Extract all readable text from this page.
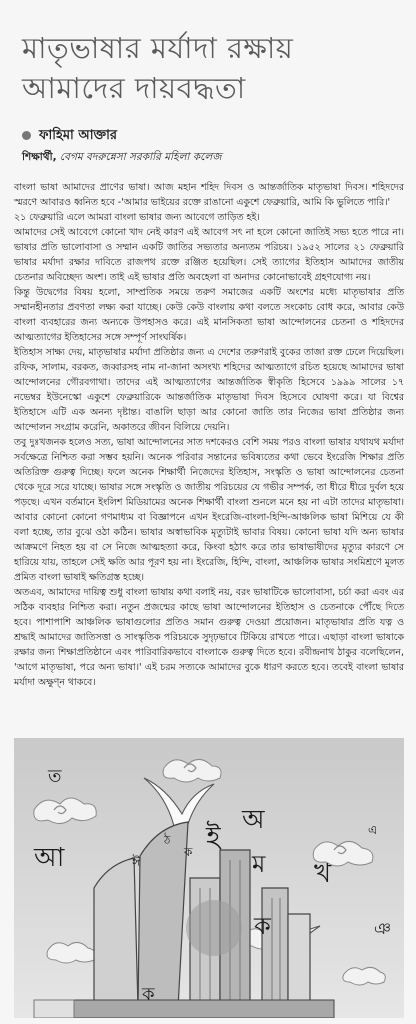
মাতৃভাষার মর্যাদা রক্ষায়
আমাদের দায়বদ্ধতা
ফাহিমা আক্তার
শিক্ষার্থী, বেগম বদরুন্নেসা সরকারি মহিলা কলেজ

বাংলা ভাষা আমাদের প্রাণের ভাষা। আজ মহান শহিদ দিবস ও আন্তর্জাতিক মাতৃভাষা দিবস। শহিদদের স্মরণে আবারও ধ্বনিত হবে -'আমার ভাইয়ের রক্তে রাঙানো একুশে ফেব্রুয়ারি, আমি কি ভুলিতে পারি।'

২১ ফেব্রুয়ারি এলে আমরা বাংলা ভাষার জন্য আবেগে তাড়িত হই।

আমাদের সেই আবেগে কোনো খাদ নেই কারণ এই আবেগ সৎ না হলে কোনো জাতিই সভ্য হতে পারে না। ভাষার প্রতি ভালোবাসা ও সম্মান একটি জাতির সভ্যতার অন্যতম পরিচয়। ১৯৫২ সালের ২১ ফেব্রুয়ারি ভাষার মর্যাদা রক্ষার দাবিতে রাজপথ রক্তে রঞ্জিত হয়েছিল। সেই ত্যাগের ইতিহাস আমাদের জাতীয় চেতনার অবিচ্ছেদ্য অংশ। তাই এই ভাষার প্রতি অবহেলা বা অনাদর কোনোভাবেই গ্রহণযোগ্য নয়।

কিন্তু উদ্বেগের বিষয় হলো, সাম্প্রতিক সময়ে তরুণ সমাজের একটি অংশের মধ্যে মাতৃভাষার প্রতি সম্মানহীনতার প্রবণতা লক্ষ্য করা যাচ্ছে। কেউ কেউ বাংলায় কথা বলতে সংকোচ বোধ করে, আবার কেউ বাংলা ব্যবহারের জন্য অন্যকে উপহাসও করে। এই মানসিকতা ভাষা আন্দোলনের চেতনা ও শহিদদের আত্মত্যাগের ইতিহাসের সঙ্গে সম্পূর্ণ সাংঘর্ষিক।

ইতিহাস সাক্ষ্য দেয়, মাতৃভাষার মর্যাদা প্রতিষ্ঠার জন্য এ দেশের তরুণরাই বুকের তাজা রক্ত ঢেলে দিয়েছিল। রফিক, সালাম, বরকত, জব্বারসহ নাম না-জানা অসংখ্য শহিদের আত্মত্যাগে রচিত হয়েছে আমাদের ভাষা আন্দোলনের গৌরবগাথা। তাদের এই আত্মত্যাগের আন্তর্জাতিক স্বীকৃতি হিসেবে ১৯৯৯ সালের ১৭ নভেম্বর ইউনেস্কো একুশে ফেব্রুয়ারিকে আন্তর্জাতিক মাতৃভাষা দিবস হিসেবে ঘোষণা করে। যা বিশ্বের ইতিহাসে এটি এক অনন্য দৃষ্টান্ত। বাঙালি ছাড়া আর কোনো জাতি তার নিজের ভাষা প্রতিষ্ঠার জন্য আন্দোলন সংগ্রাম করেনি, অকাতরে জীবন বিলিয়ে দেয়নি।

তবু দুঃখজনক হলেও সত্য, ভাষা আন্দোলনের সাত দশকেরও বেশি সময় পরও বাংলা ভাষার যথাযথ মর্যাদা সর্বক্ষেত্রে নিশ্চিত করা সম্ভব হয়নি। অনেক পরিবার সন্তানের ভবিষ্যতের কথা ভেবে ইংরেজি শিক্ষার প্রতি অতিরিক্ত গুরুত্ব দিচ্ছে। ফলে অনেক শিক্ষার্থী নিজেদের ইতিহাস, সংস্কৃতি ও ভাষা আন্দোলনের চেতনা থেকে দূরে সরে যাচ্ছে। ভাষার সঙ্গে সংস্কৃতি ও জাতীয় পরিচয়ের যে গভীর সম্পর্ক, তা ধীরে ধীরে দুর্বল হয়ে পড়ছে। এখন বর্তমানে ইংলিশ মিডিয়ামের অনেক শিক্ষার্থী বাংলা শুনলে মনে হয় না এটা তাদের মাতৃভাষা। আবার কোনো কোনো গণমাধ্যম বা বিজ্ঞাপনে এখন ইংরেজি-বাংলা-হিন্দি-আঞ্চলিক ভাষা মিশিয়ে যে কী বলা হচ্ছে, তার বুঝে ওঠা কঠিন। ভাষার অস্বাভাবিক মৃত্যুটাই ভাবার বিষয়। কোনো ভাষা যদি অন্য ভাষার আক্রমণে নিহত হয় বা সে নিজে আত্মহত্যা করে, কিংবা হঠাৎ করে তার ভাষাভাষীদের মৃত্যুর কারণে সে হারিয়ে যায়, তাহলে সেই ক্ষতি আর পূরণ হয় না। ইংরেজি, হিন্দি, বাংলা, আঞ্চলিক ভাষার সংমিশ্রণে মূলত প্রমিত বাংলা ভাষাই ক্ষতিগ্রস্ত হচ্ছে।

অতএব, আমাদের দায়িত্ব শুধু বাংলা ভাষায় কথা বলাই নয়, বরং ভাষাটিকে ভালোবাসা, চর্চা করা এবং এর সঠিক ব্যবহার নিশ্চিত করা। নতুন প্রজন্মের কাছে ভাষা আন্দোলনের ইতিহাস ও চেতনাকে পৌঁছে দিতে হবে। পাশাপাশি আঞ্চলিক ভাষাগুলোর প্রতিও সমান গুরুত্ব দেওয়া প্রয়োজন। মাতৃভাষার প্রতি যত্ন ও শ্রদ্ধাই আমাদের জাতিসত্তা ও সাংস্কৃতিক পরিচয়কে সুদৃঢ়ভাবে টিকিয়ে রাখতে পারে। এছাড়া বাংলা ভাষাকে রক্ষার জন্য শিক্ষাপ্রতিষ্ঠানে এবং পারিবারিকভাবে বাংলাকে গুরুত্ব দিতে হবে। রবীন্দ্রনাথ ঠাকুর বলেছিলেন, 'আগে মাতৃভাষা, পরে অন্য ভাষা।' এই চরম সত্যকে আমাদের বুকে ধারণ করতে হবে। তবেই বাংলা ভাষার মর্যাদা অক্ষুণ্ন থাকবে।

ত
অ
আ
ই
ম খ
ক	ঞ
ঈ
ঠ
ক
এ
ক
